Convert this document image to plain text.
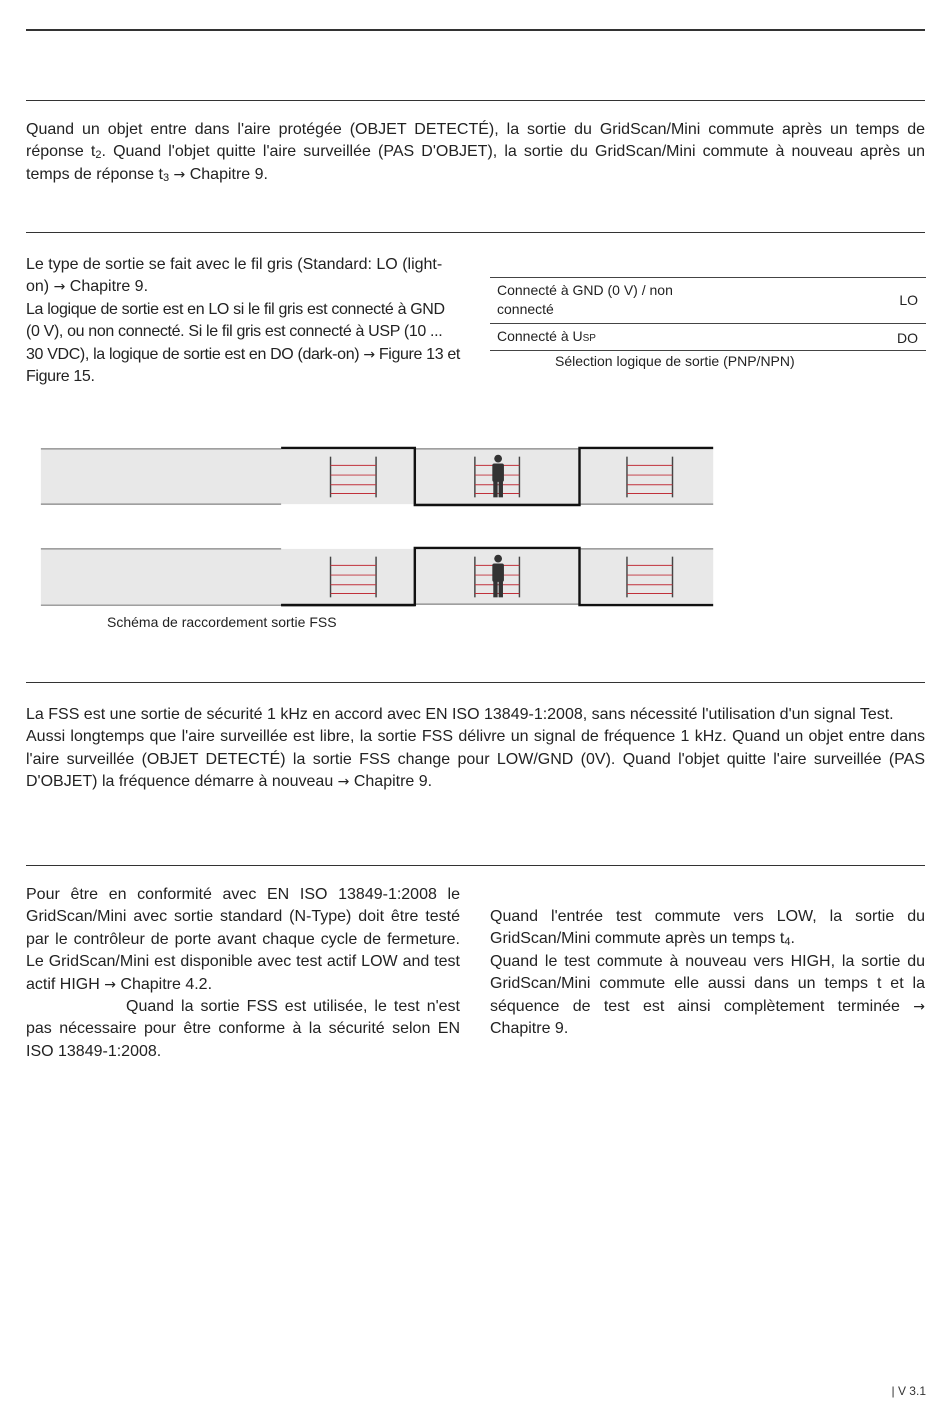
Quand un objet entre dans l'aire protégée (OBJET DETECTÉ), la sortie du GridScan/Mini commute après un temps de réponse $t_2$. Quand l'objet quitte l'aire surveillée (PAS D'OBJET), la sortie du GridScan/Mini commute à nouveau après un temps de réponse $t_3$ → Chapitre 9.

Le type de sortie se fait avec le fil gris (Standard: LO (light-on) → Chapitre 9.

La logique de sortie est en LO si le fil gris est connecté à GND (0 V), ou non connecté. Si le fil gris est connecté à USP (10 ... 30 VDC), la logique de sortie est en DO (dark-on) → Figure 13 et Figure 15.

Connecté à GND (0 V) / non connecté
LO
Connecté à USP	DO
Sélection logique de sortie (PNP/NPN)
Schéma de raccordement sortie FSS

La FSS est une sortie de sécurité 1 kHz en accord avec EN ISO 13849-1:2008, sans nécessité l'utilisation d'un signal Test.

Aussi longtemps que l'aire surveillée est libre, la sortie FSS délivre un signal de fréquence 1 kHz. Quand un objet entre dans l'aire surveillée (OBJET DETECTÉ) la sortie FSS change pour LOW/GND (0V). Quand l'objet quitte l'aire surveillée (PAS D'OBJET) la fréquence démarre à nouveau → Chapitre 9.

Pour être en conformité avec EN ISO 13849-1:2008 le GridScan/Mini avec sortie standard (N-Type) doit être testé par le contrôleur de porte avant chaque cycle de fermeture. Le GridScan/Mini est disponible avec test actif LOW and test actif HIGH → Chapitre 4.2.

Quand la sortie FSS est utilisée, le test n'est pas nécessaire pour être conforme à la sécurité selon EN ISO 13849-1:2008.

Quand l'entrée test commute vers LOW, la sortie du GridScan/Mini commute après un temps $t_4$.

Quand le test commute à nouveau vers HIGH, la sortie du GridScan/Mini commute elle aussi dans un temps t et la séquence de test est ainsi complètement terminée → Chapitre 9.

| V 3.1
